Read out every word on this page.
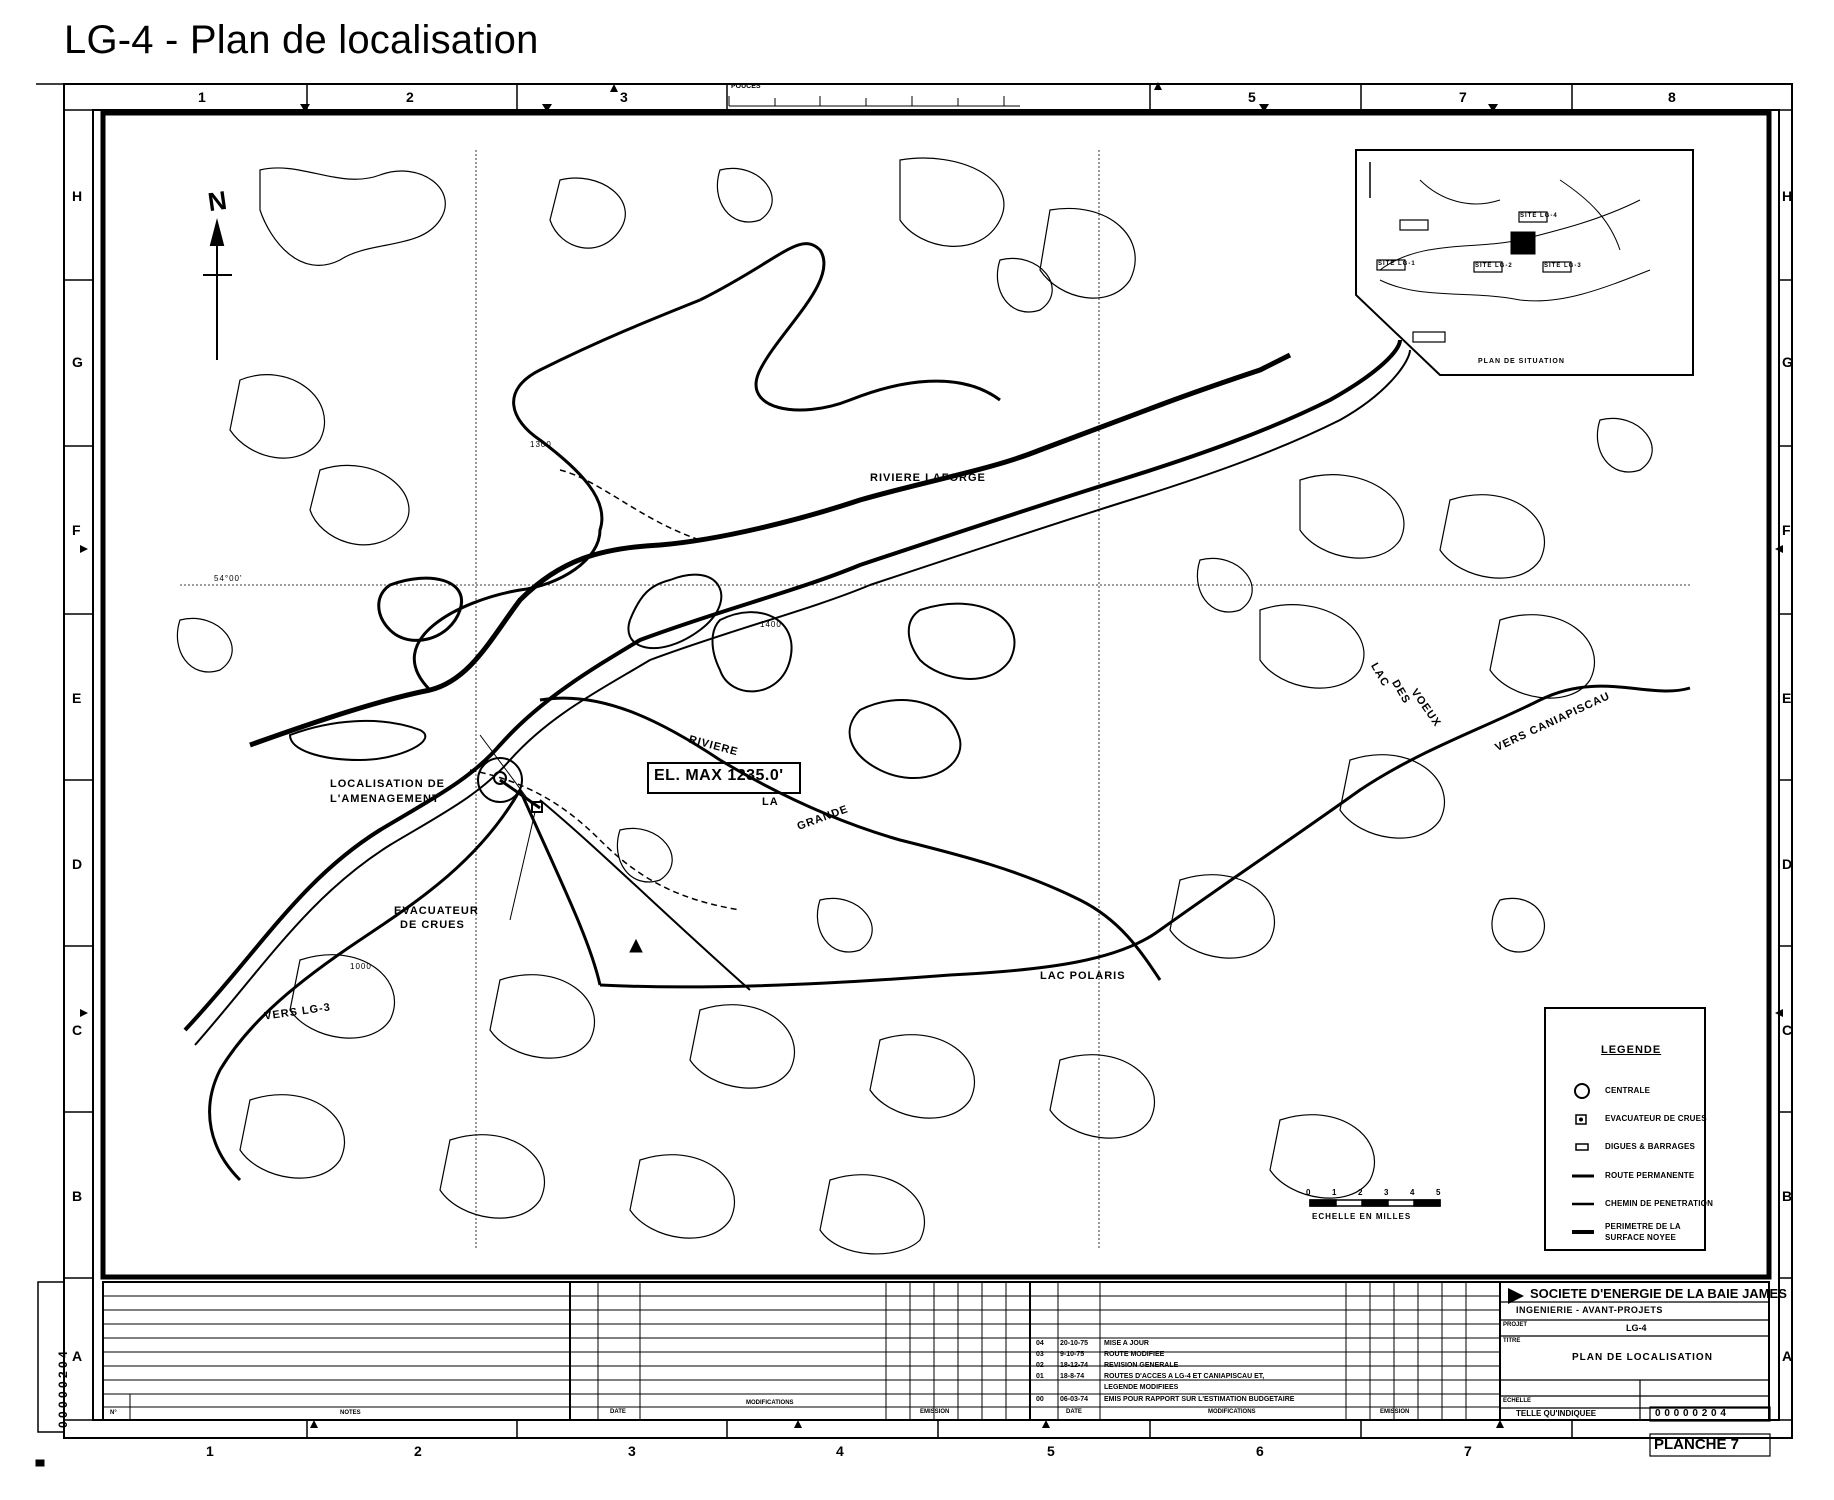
LG-4 - Plan de localisation
1	2	3	5	7	8
POUCES
1	2	3	4	5	6	7
H
G
F
E
D
C
B
A
H
G
F
E
D
C
B
A
N
RIVIERE LAFORGE
LOCALISATION DE
L'AMENAGEMENT
EVACUATEUR
DE CRUES
RIVIERE
EL. MAX 1235.0'
LA
GRANDE
LAC
DES
VOEUX	VERS CANIAPISCAU
VERS LG-3
LAC POLARIS
54°00'
1300
1400
1000
0	1	2	3	4	5
ECHELLE EN MILLES
PLAN DE SITUATION
SITE LG-4
SITE LG-3
SITE LG-2
SITE LG-1
LEGENDE
CENTRALE
EVACUATEUR DE CRUES
DIGUES & BARRAGES
ROUTE PERMANENTE
CHEMIN DE PENETRATION
PERIMETRE DE LA SURFACE NOYEE
SOCIETE D'ENERGIE DE LA BAIE JAMES
INGENIERIE - AVANT-PROJETS
PROJET	LG-4
TITRE
PLAN DE LOCALISATION
ECHELLE
TELLE QU'INDIQUEE	0 0 0 0 0 2 0 4
PLANCHE 7
0 0 0 0 0 2 0 4	NOTES
N°
MODIFICATIONS
MODIFICATIONS
DATE	DATE
EMISSION	EMISSION
04 20-10-75 MISE A JOUR
03 9-10-75	ROUTE MODIFIEE
02 18-12-74 REVISION GENERALE
01 18-8-74	ROUTES D'ACCES A LG-4 ET CANIAPISCAU ET,
LEGENDE MODIFIEES
00 06-03-74 EMIS POUR RAPPORT SUR L'ESTIMATION BUDGETAIRE
